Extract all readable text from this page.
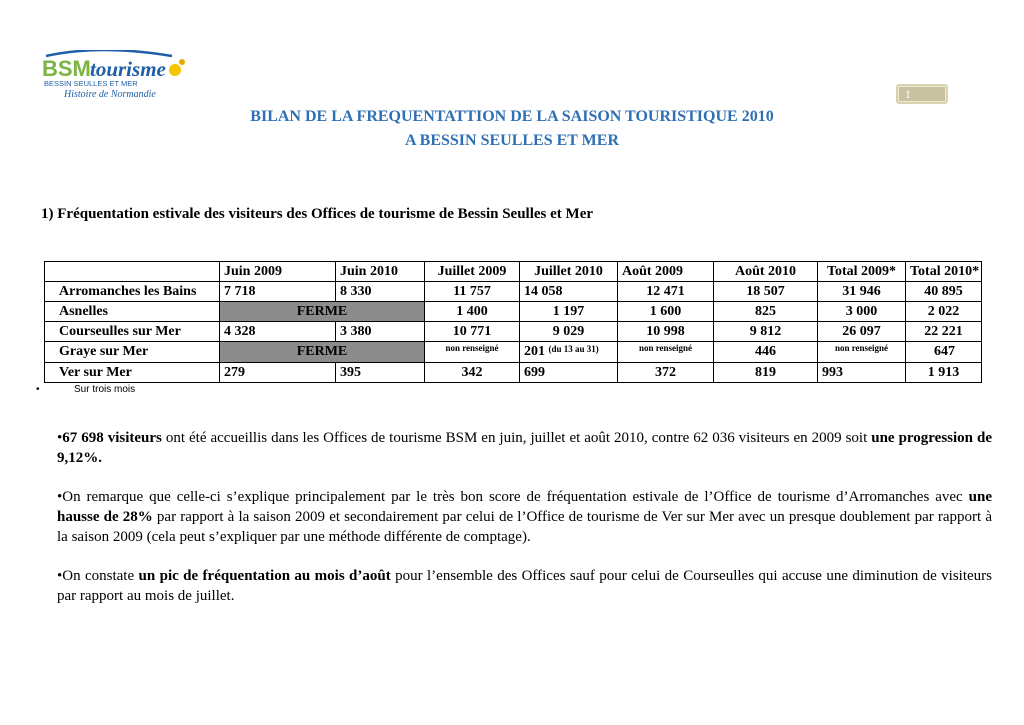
BSM tourisme
BESSIN SEULLES ET MER
Histoire de Normandie	1
BILAN DE LA FREQUENTATTION DE LA SAISON TOURISTIQUE 2010
A BESSIN SEULLES ET MER
1) Fréquentation estivale des visiteurs des Offices de tourisme de Bessin Seulles et Mer
	Juin 2009	Juin 2010	Juillet 2009	Juillet 2010	Août 2009	Août 2010	Total 2009*	Total 2010*
Arromanches les Bains	7 718	8 330	11 757	14 058	12 471	18 507	31 946	40 895
Asnelles	FERME		1 400	1 197	1 600	825	3 000	2 022
Courseulles sur Mer	4 328	3 380	10 771	9 029	10 998	9 812	26 097	22 221
Graye sur Mer	FERME		non renseigné	201 $^{(du 13 au 31)}$	non renseigné	446	non renseigné	647
Ver sur Mer	279	395	342	699	372	819	993	1 913
•	Sur trois mois
•67 698 visiteurs ont été accueillis dans les Offices de tourisme BSM en juin, juillet et août 2010, contre 62 036 visiteurs en 2009 soit une progression de 9,12%.
•On remarque que celle-ci s’explique principalement par le très bon score de fréquentation estivale de l’Office de tourisme d’Arromanches avec une hausse de 28% par rapport à la saison 2009 et secondairement par celui de l’Office de tourisme de Ver sur Mer avec un presque doublement par rapport à la saison 2009 (cela peut s’expliquer par une méthode différente de comptage).
•On constate un pic de fréquentation au mois d’août pour l’ensemble des Offices sauf pour celui de Courseulles qui accuse une diminution de visiteurs par rapport au mois de juillet.
